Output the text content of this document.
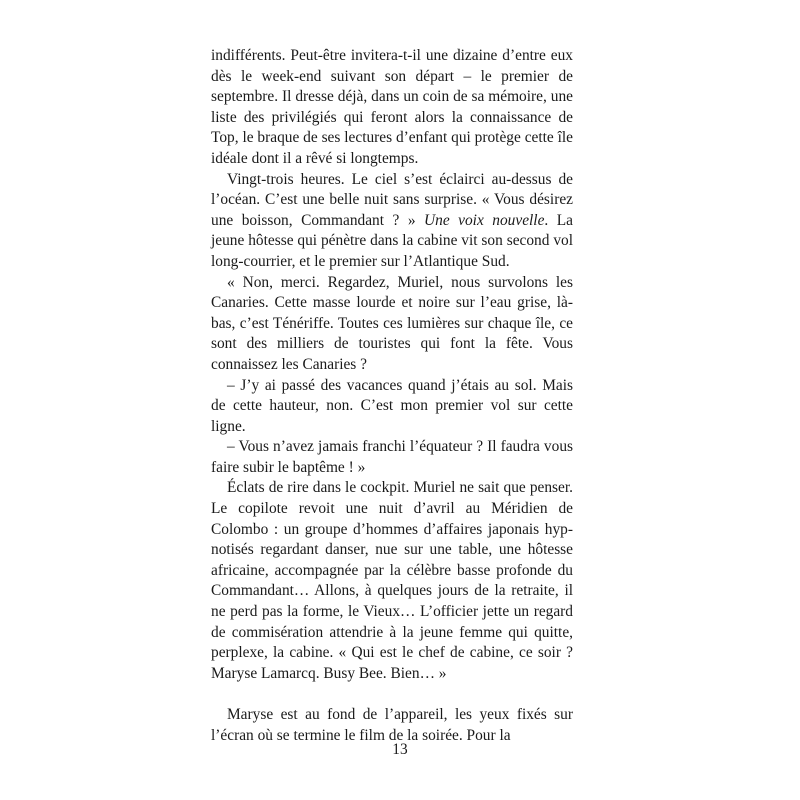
indifférents. Peut-être invitera-t-il une dizaine d’entre eux dès le week-end suivant son départ – le premier de septembre. Il dresse déjà, dans un coin de sa mémoire, une liste des privilégiés qui feront alors la connaissance de Top, le braque de ses lectures d’enfant qui protège cette île idéale dont il a rêvé si longtemps.

Vingt-trois heures. Le ciel s’est éclairci au-dessus de l’océan. C’est une belle nuit sans surprise. « Vous désirez une boisson, Commandant ? » Une voix nouvelle. La jeune hôtesse qui pénètre dans la cabine vit son second vol long-courrier, et le premier sur l’Atlantique Sud.

« Non, merci. Regardez, Muriel, nous survolons les Canaries. Cette masse lourde et noire sur l’eau grise, là-bas, c’est Ténériffe. Toutes ces lumières sur chaque île, ce sont des milliers de touristes qui font la fête. Vous connaissez les Canaries ?

– J’y ai passé des vacances quand j’étais au sol. Mais de cette hauteur, non. C’est mon premier vol sur cette ligne.

– Vous n’avez jamais franchi l’équateur ? Il faudra vous faire subir le baptême ! »

Éclats de rire dans le cockpit. Muriel ne sait que penser. Le copilote revoit une nuit d’avril au Méridien de Colombo : un groupe d’hommes d’affaires japonais hypnotisés regardant danser, nue sur une table, une hôtesse africaine, accompagnée par la célèbre basse profonde du Commandant… Allons, à quelques jours de la retraite, il ne perd pas la forme, le Vieux… L’officier jette un regard de commisération attendrie à la jeune femme qui quitte, perplexe, la cabine. « Qui est le chef de cabine, ce soir ? Maryse Lamarcq. Busy Bee. Bien… »

Maryse est au fond de l’appareil, les yeux fixés sur l’écran où se termine le film de la soirée. Pour la

13
